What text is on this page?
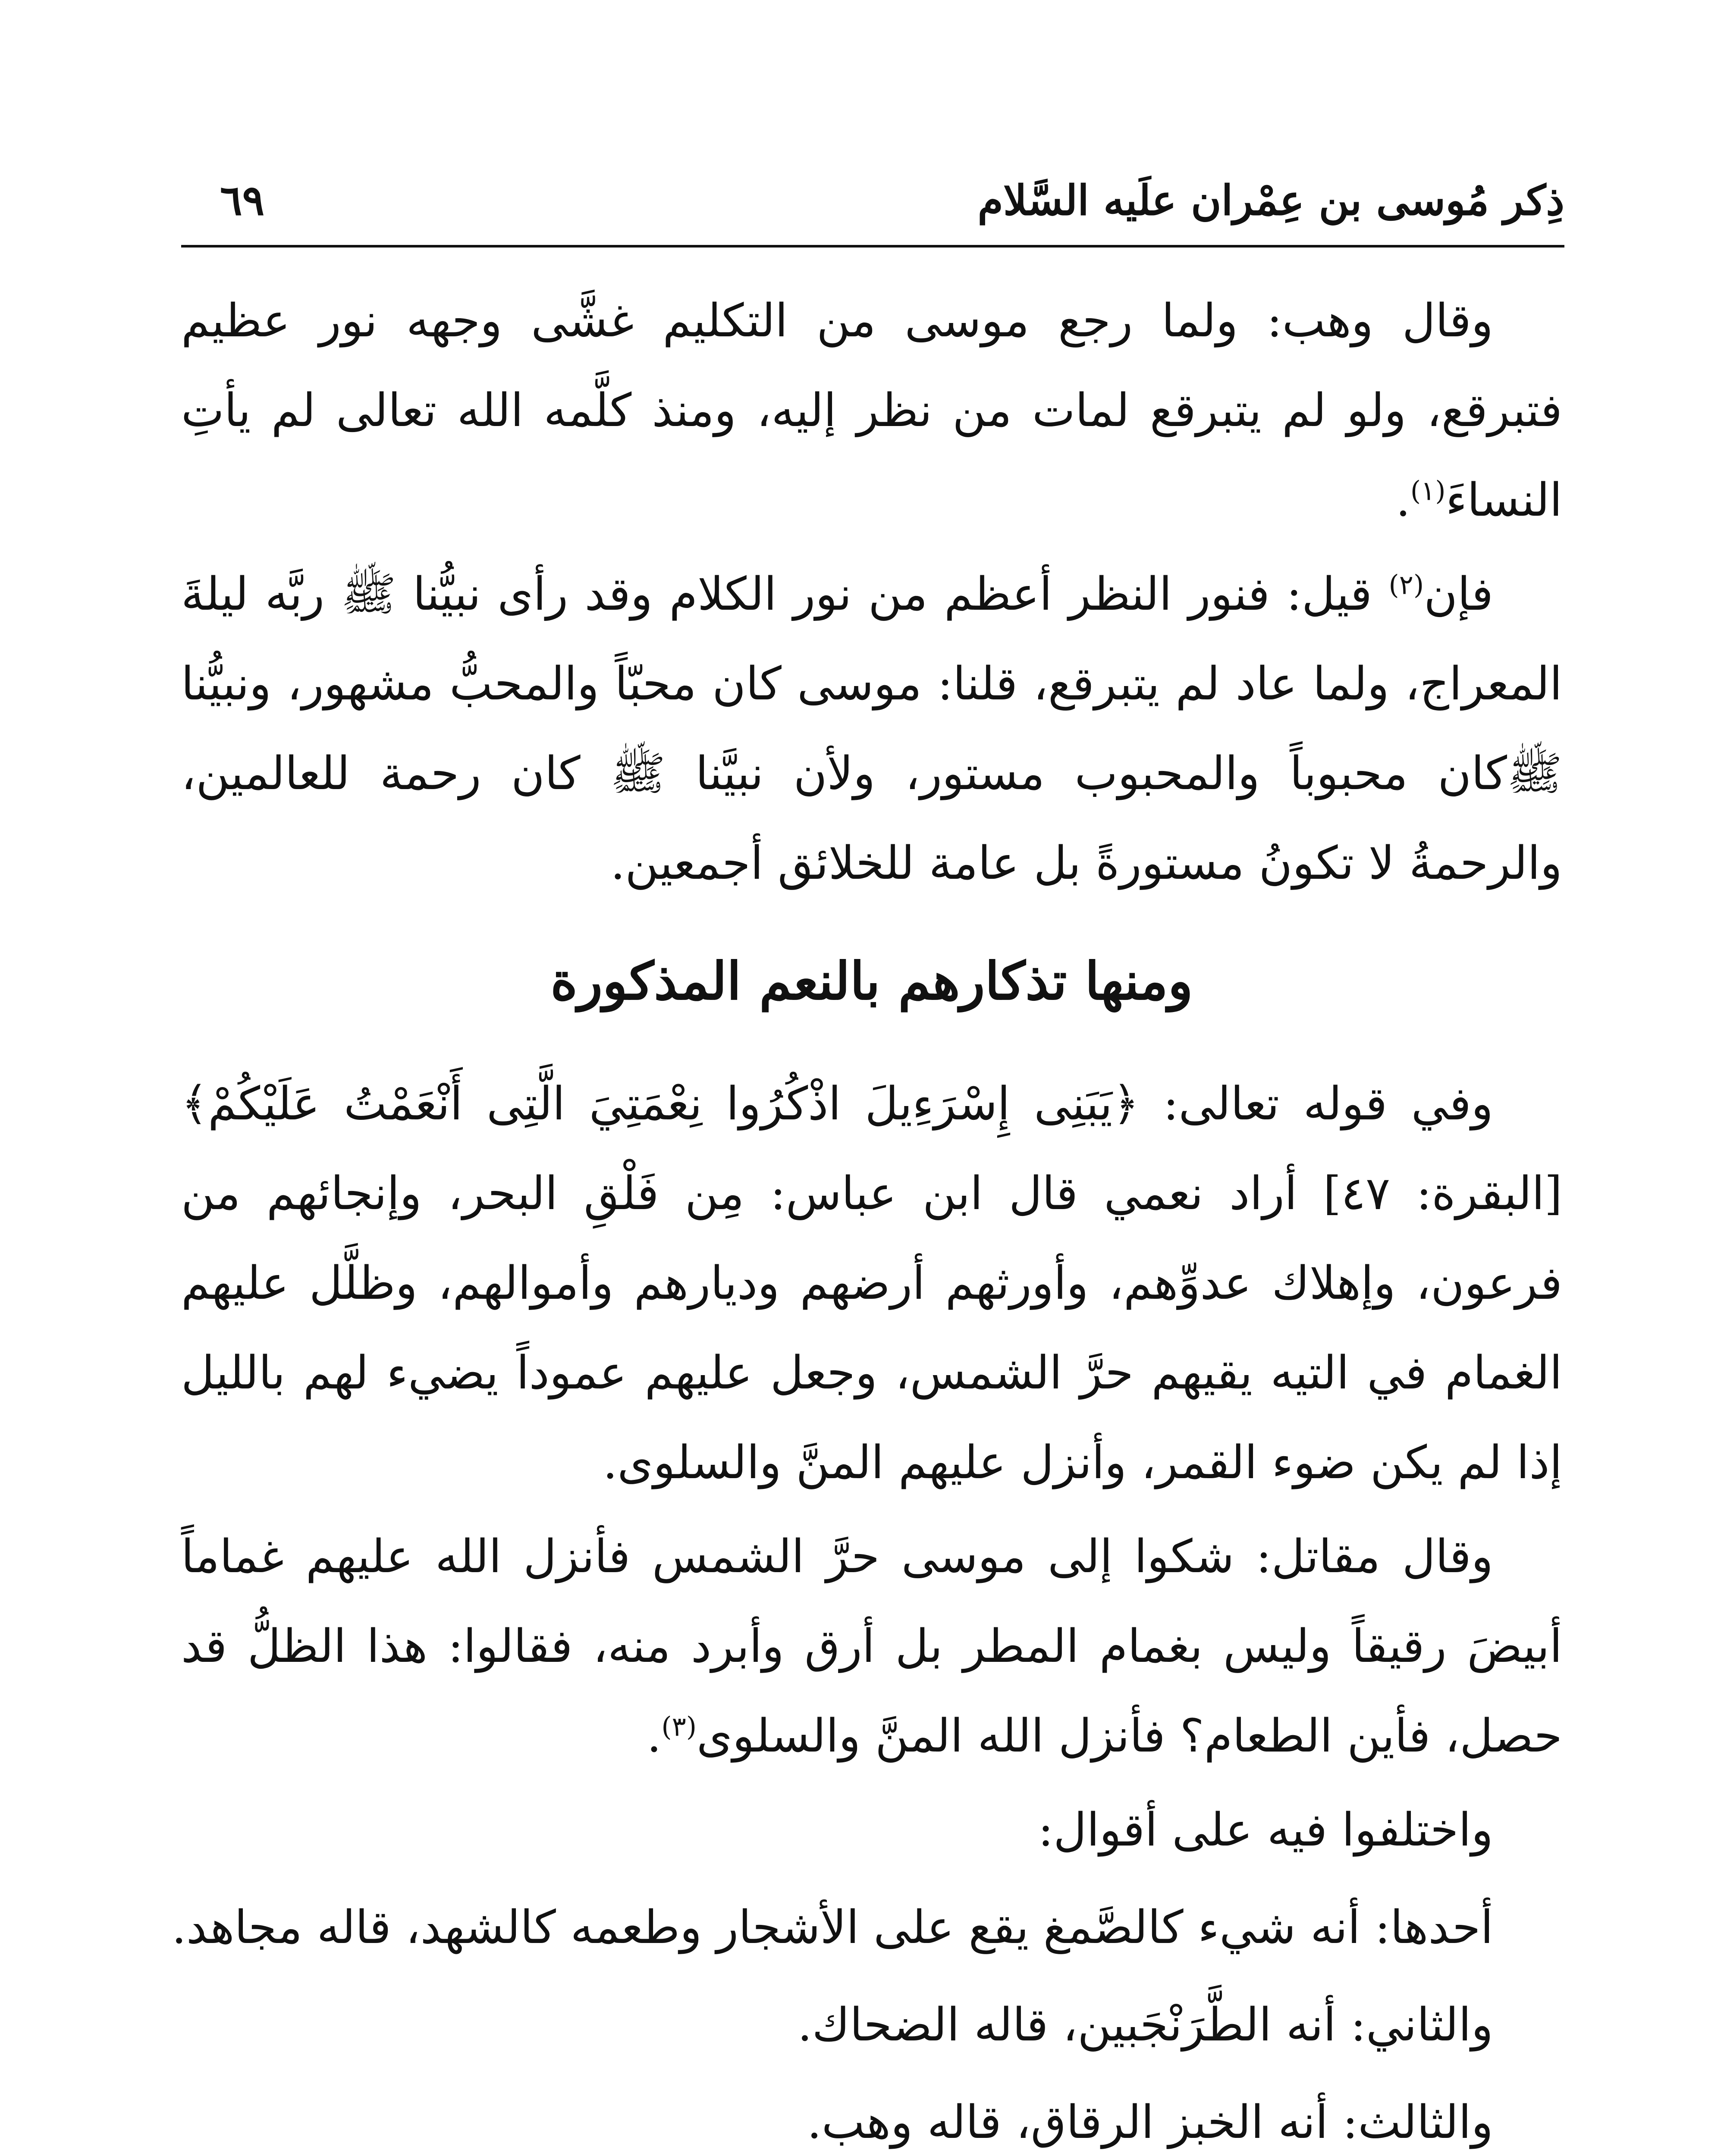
ذِكر مُوسى بن عِمْران علَيه السَّلام
٦٩

وقال وهب: ولما رجع موسى من التكليم غشَّى وجهه نور عظيم فتبرقع، ولو لم يتبرقع لمات من نظر إليه، ومنذ كلَّمه الله تعالى لم يأتِ النساءَ$^{(١)}$.

فإن$^{(٢)}$ قيل: فنور النظر أعظم من نور الكلام وقد رأى نبيُّنا ﷺ ربَّه ليلةَ المعراج، ولما عاد لم يتبرقع، قلنا: موسى كان محبّاً والمحبُّ مشهور، ونبيُّنا ﷺكان محبوباً والمحبوب مستور، ولأن نبيَّنا ﷺ كان رحمة للعالمين، والرحمةُ لا تكونُ مستورةً بل عامة للخلائق أجمعين.

ومنها تذكارهم بالنعم المذكورة

وفي قوله تعالى: ﴿يَبَنِى إِسْرَءِيلَ اذْكُرُوا نِعْمَتِيَ الَّتِى أَنْعَمْتُ عَلَيْكُمْ﴾[البقرة: ٤٧] أراد نعمي قال ابن عباس: مِن فَلْقِ البحر، وإنجائهم من فرعون، وإهلاك عدوِّهم، وأورثهم أرضهم وديارهم وأموالهم، وظلَّل عليهم الغمام في التيه يقيهم حرَّ الشمس، وجعل عليهم عموداً يضيء لهم بالليل إذا لم يكن ضوء القمر، وأنزل عليهم المنَّ والسلوى.

وقال مقاتل: شكوا إلى موسى حرَّ الشمس فأنزل الله عليهم غماماً أبيضَ رقيقاً وليس بغمام المطر بل أرق وأبرد منه، فقالوا: هذا الظلُّ قد حصل، فأين الطعام؟ فأنزل الله المنَّ والسلوى$^{(٣)}$.

واختلفوا فيه على أقوال:
أحدها: أنه شيء كالصَّمغ يقع على الأشجار وطعمه كالشهد، قاله مجاهد.
والثاني: أنه الطَّرَنْجَبين، قاله الضحاك.
والثالث: أنه الخبز الرقاق، قاله وهب.
